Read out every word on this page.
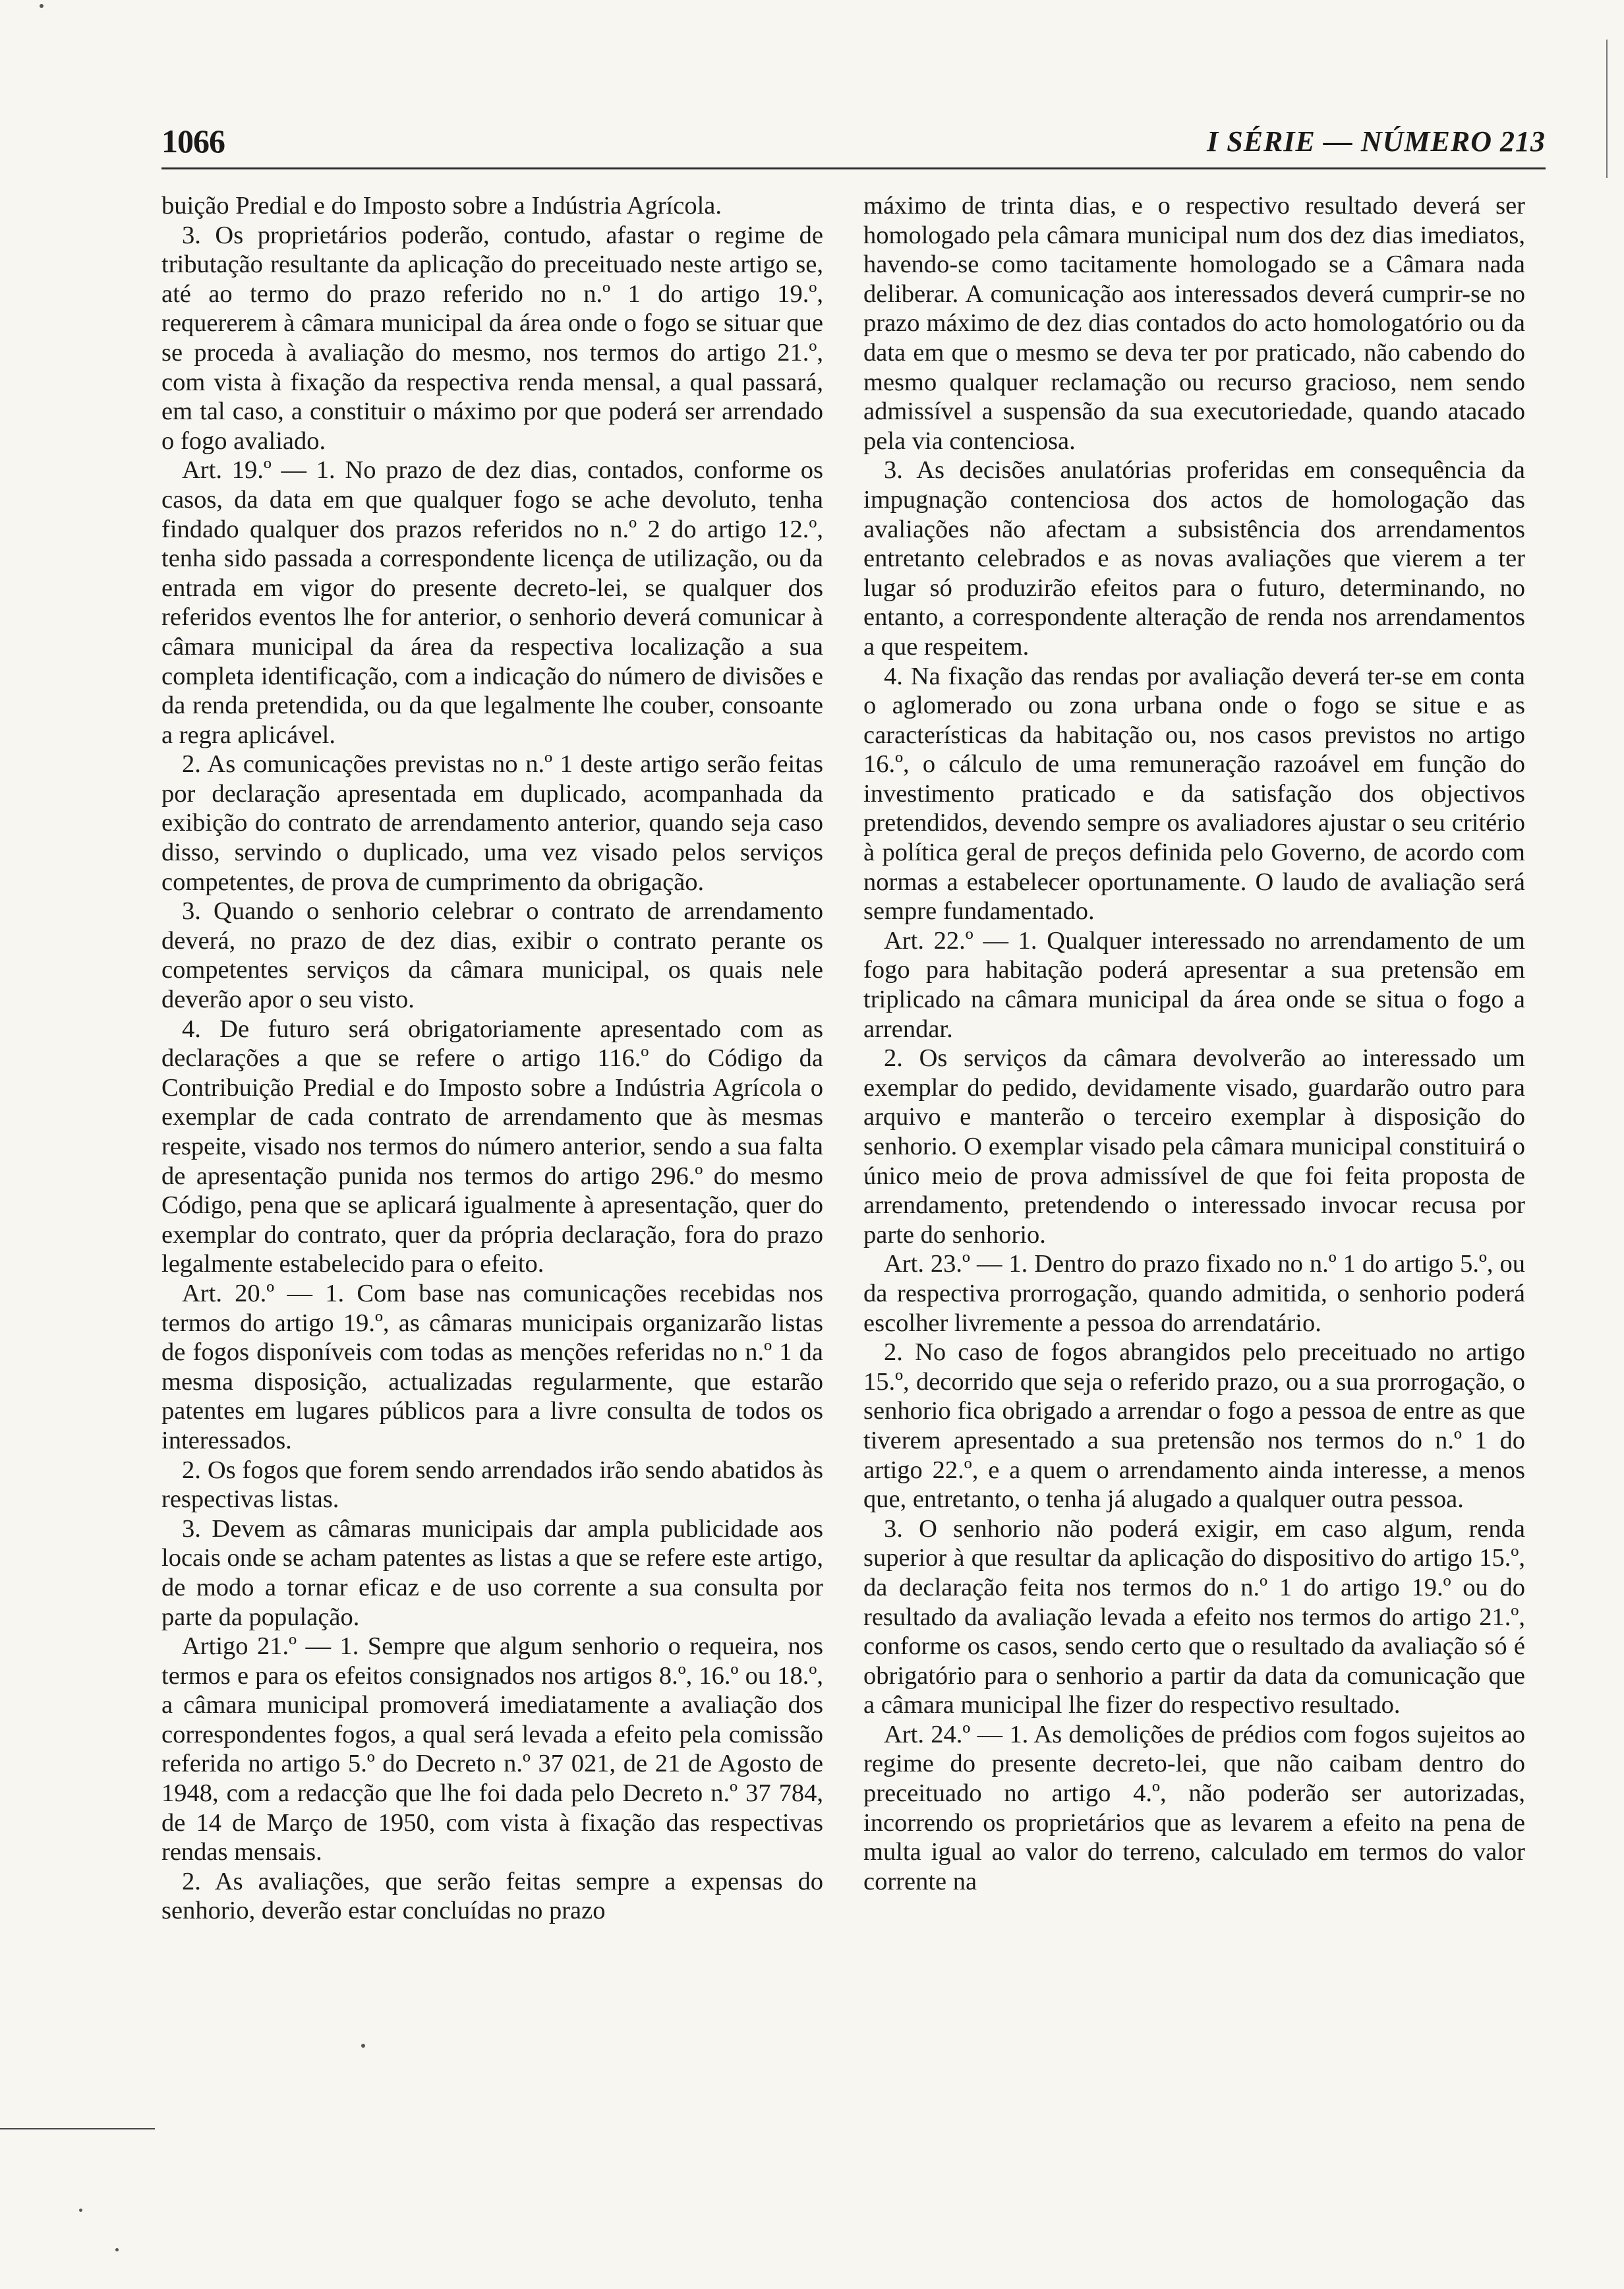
1066	I SÉRIE — NÚMERO 213

buição Predial e do Imposto sobre a Indústria Agrícola.

3. Os proprietários poderão, contudo, afastar o regime de tributação resultante da aplicação do preceituado neste artigo se, até ao termo do prazo referido no n.º 1 do artigo 19.º, requererem à câmara municipal da área onde o fogo se situar que se proceda à avaliação do mesmo, nos termos do artigo 21.º, com vista à fixação da respectiva renda mensal, a qual passará, em tal caso, a constituir o máximo por que poderá ser arrendado o fogo avaliado.

Art. 19.º — 1. No prazo de dez dias, contados, conforme os casos, da data em que qualquer fogo se ache devoluto, tenha findado qualquer dos prazos referidos no n.º 2 do artigo 12.º, tenha sido passada a correspondente licença de utilização, ou da entrada em vigor do presente decreto-lei, se qualquer dos referidos eventos lhe for anterior, o senhorio deverá comunicar à câmara municipal da área da respectiva localização a sua completa identificação, com a indicação do número de divisões e da renda pretendida, ou da que legalmente lhe couber, consoante a regra aplicável.

2. As comunicações previstas no n.º 1 deste artigo serão feitas por declaração apresentada em duplicado, acompanhada da exibição do contrato de arrendamento anterior, quando seja caso disso, servindo o duplicado, uma vez visado pelos serviços competentes, de prova de cumprimento da obrigação.

3. Quando o senhorio celebrar o contrato de arrendamento deverá, no prazo de dez dias, exibir o contrato perante os competentes serviços da câmara municipal, os quais nele deverão apor o seu visto.

4. De futuro será obrigatoriamente apresentado com as declarações a que se refere o artigo 116.º do Código da Contribuição Predial e do Imposto sobre a Indústria Agrícola o exemplar de cada contrato de arrendamento que às mesmas respeite, visado nos termos do número anterior, sendo a sua falta de apresentação punida nos termos do artigo 296.º do mesmo Código, pena que se aplicará igualmente à apresentação, quer do exemplar do contrato, quer da própria declaração, fora do prazo legalmente estabelecido para o efeito.

Art. 20.º — 1. Com base nas comunicações recebidas nos termos do artigo 19.º, as câmaras municipais organizarão listas de fogos disponíveis com todas as menções referidas no n.º 1 da mesma disposição, actualizadas regularmente, que estarão patentes em lugares públicos para a livre consulta de todos os interessados.

2. Os fogos que forem sendo arrendados irão sendo abatidos às respectivas listas.

3. Devem as câmaras municipais dar ampla publicidade aos locais onde se acham patentes as listas a que se refere este artigo, de modo a tornar eficaz e de uso corrente a sua consulta por parte da população.

Artigo 21.º — 1. Sempre que algum senhorio o requeira, nos termos e para os efeitos consignados nos artigos 8.º, 16.º ou 18.º, a câmara municipal promoverá imediatamente a avaliação dos correspondentes fogos, a qual será levada a efeito pela comissão referida no artigo 5.º do Decreto n.º 37 021, de 21 de Agosto de 1948, com a redacção que lhe foi dada pelo Decreto n.º 37 784, de 14 de Março de 1950, com vista à fixação das respectivas rendas mensais.

2. As avaliações, que serão feitas sempre a expensas do senhorio, deverão estar concluídas no prazo

máximo de trinta dias, e o respectivo resultado deverá ser homologado pela câmara municipal num dos dez dias imediatos, havendo-se como tacitamente homologado se a Câmara nada deliberar. A comunicação aos interessados deverá cumprir-se no prazo máximo de dez dias contados do acto homologatório ou da data em que o mesmo se deva ter por praticado, não cabendo do mesmo qualquer reclamação ou recurso gracioso, nem sendo admissível a suspensão da sua executoriedade, quando atacado pela via contenciosa.

3. As decisões anulatórias proferidas em consequência da impugnação contenciosa dos actos de homologação das avaliações não afectam a subsistência dos arrendamentos entretanto celebrados e as novas avaliações que vierem a ter lugar só produzirão efeitos para o futuro, determinando, no entanto, a correspondente alteração de renda nos arrendamentos a que respeitem.

4. Na fixação das rendas por avaliação deverá ter-se em conta o aglomerado ou zona urbana onde o fogo se situe e as características da habitação ou, nos casos previstos no artigo 16.º, o cálculo de uma remuneração razoável em função do investimento praticado e da satisfação dos objectivos pretendidos, devendo sempre os avaliadores ajustar o seu critério à política geral de preços definida pelo Governo, de acordo com normas a estabelecer oportunamente. O laudo de avaliação será sempre fundamentado.

Art. 22.º — 1. Qualquer interessado no arrendamento de um fogo para habitação poderá apresentar a sua pretensão em triplicado na câmara municipal da área onde se situa o fogo a arrendar.

2. Os serviços da câmara devolverão ao interessado um exemplar do pedido, devidamente visado, guardarão outro para arquivo e manterão o terceiro exemplar à disposição do senhorio. O exemplar visado pela câmara municipal constituirá o único meio de prova admissível de que foi feita proposta de arrendamento, pretendendo o interessado invocar recusa por parte do senhorio.

Art. 23.º — 1. Dentro do prazo fixado no n.º 1 do artigo 5.º, ou da respectiva prorrogação, quando admitida, o senhorio poderá escolher livremente a pessoa do arrendatário.

2. No caso de fogos abrangidos pelo preceituado no artigo 15.º, decorrido que seja o referido prazo, ou a sua prorrogação, o senhorio fica obrigado a arrendar o fogo a pessoa de entre as que tiverem apresentado a sua pretensão nos termos do n.º 1 do artigo 22.º, e a quem o arrendamento ainda interesse, a menos que, entretanto, o tenha já alugado a qualquer outra pessoa.

3. O senhorio não poderá exigir, em caso algum, renda superior à que resultar da aplicação do dispositivo do artigo 15.º, da declaração feita nos termos do n.º 1 do artigo 19.º ou do resultado da avaliação levada a efeito nos termos do artigo 21.º, conforme os casos, sendo certo que o resultado da avaliação só é obrigatório para o senhorio a partir da data da comunicação que a câmara municipal lhe fizer do respectivo resultado.

Art. 24.º — 1. As demolições de prédios com fogos sujeitos ao regime do presente decreto-lei, que não caibam dentro do preceituado no artigo 4.º, não poderão ser autorizadas, incorrendo os proprietários que as levarem a efeito na pena de multa igual ao valor do terreno, calculado em termos do valor corrente na
